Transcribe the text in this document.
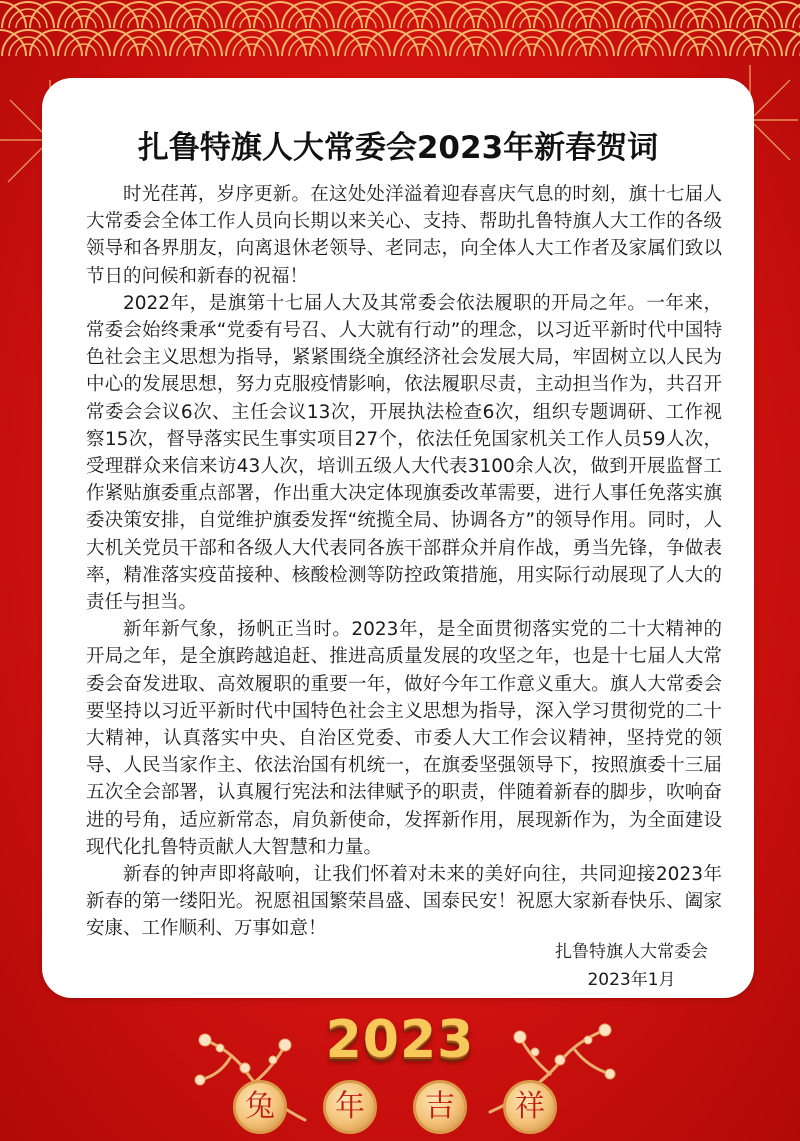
扎鲁特旗人大常委会2023年新春贺词

时光荏苒，岁序更新。在这处处洋溢着迎春喜庆气息的时刻，旗十七届人大常委会全体工作人员向长期以来关心、支持、帮助扎鲁特旗人大工作的各级领导和各界朋友，向离退休老领导、老同志，向全体人大工作者及家属们致以节日的问候和新春的祝福！

2022年，是旗第十七届人大及其常委会依法履职的开局之年。一年来，常委会始终秉承“党委有号召、人大就有行动”的理念，以习近平新时代中国特色社会主义思想为指导，紧紧围绕全旗经济社会发展大局，牢固树立以人民为中心的发展思想，努力克服疫情影响，依法履职尽责，主动担当作为，共召开常委会会议6次、主任会议13次，开展执法检查6次，组织专题调研、工作视察15次，督导落实民生事实项目27个，依法任免国家机关工作人员59人次，受理群众来信来访43人次，培训五级人大代表3100余人次，做到开展监督工作紧贴旗委重点部署，作出重大决定体现旗委改革需要，进行人事任免落实旗委决策安排，自觉维护旗委发挥“统揽全局、协调各方”的领导作用。同时，人大机关党员干部和各级人大代表同各族干部群众并肩作战，勇当先锋，争做表率，精准落实疫苗接种、核酸检测等防控政策措施，用实际行动展现了人大的责任与担当。

新年新气象，扬帆正当时。2023年，是全面贯彻落实党的二十大精神的开局之年，是全旗跨越追赶、推进高质量发展的攻坚之年，也是十七届人大常委会奋发进取、高效履职的重要一年，做好今年工作意义重大。旗人大常委会要坚持以习近平新时代中国特色社会主义思想为指导，深入学习贯彻党的二十大精神，认真落实中央、自治区党委、市委人大工作会议精神，坚持党的领导、人民当家作主、依法治国有机统一，在旗委坚强领导下，按照旗委十三届五次全会部署，认真履行宪法和法律赋予的职责，伴随着新春的脚步，吹响奋进的号角，适应新常态，肩负新使命，发挥新作用，展现新作为，为全面建设现代化扎鲁特贡献人大智慧和力量。

新春的钟声即将敲响，让我们怀着对未来的美好向往，共同迎接2023年新春的第一缕阳光。祝愿祖国繁荣昌盛、国泰民安！祝愿大家新春快乐、阖家安康、工作顺利、万事如意！

扎鲁特旗人大常委会
2023年1月
2023
兔	年	吉	祥
